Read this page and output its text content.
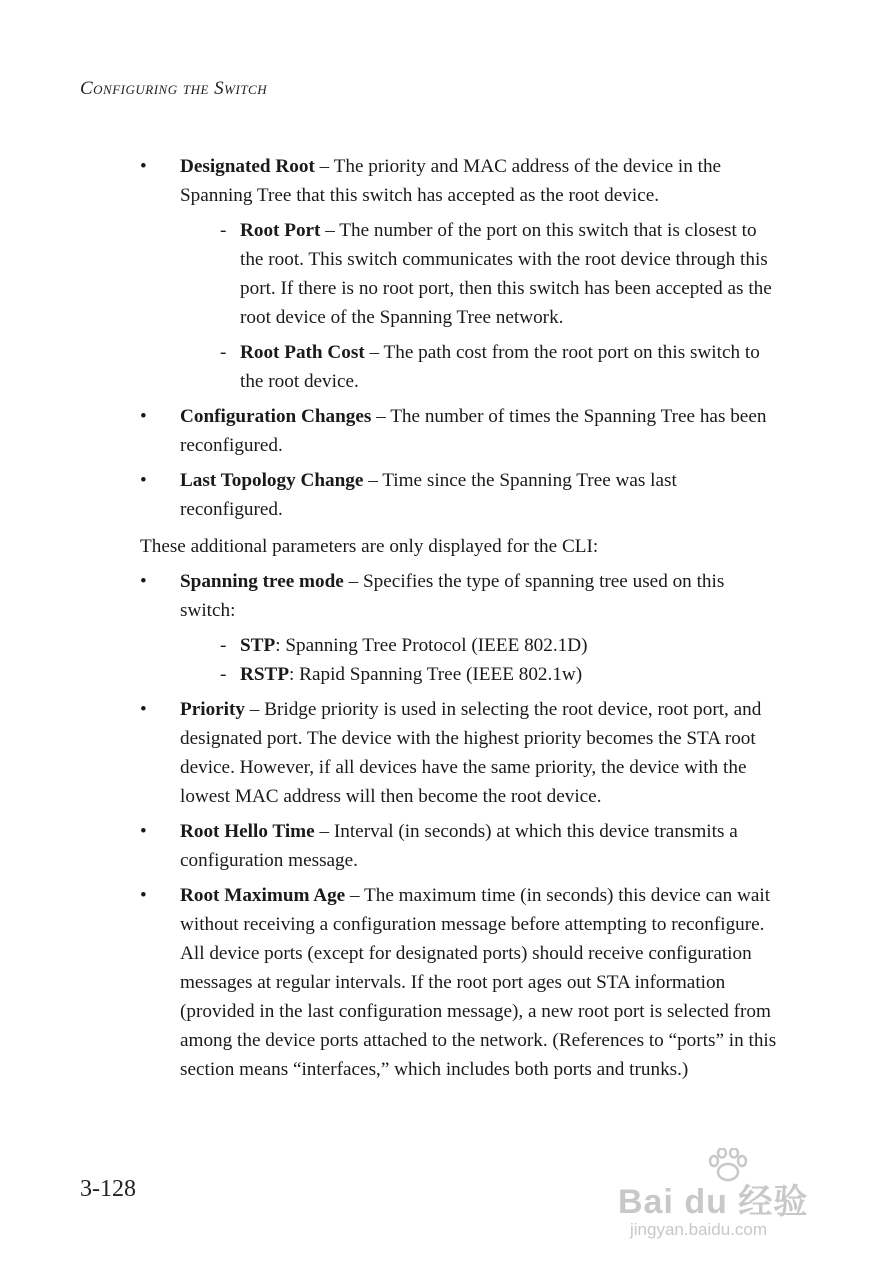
Configuring the Switch
• Designated Root – The priority and MAC address of the device in the Spanning Tree that this switch has accepted as the root device.
- Root Port – The number of the port on this switch that is closest to the root. This switch communicates with the root device through this port. If there is no root port, then this switch has been accepted as the root device of the Spanning Tree network.
- Root Path Cost – The path cost from the root port on this switch to the root device.
• Configuration Changes – The number of times the Spanning Tree has been reconfigured.
• Last Topology Change – Time since the Spanning Tree was last reconfigured.

These additional parameters are only displayed for the CLI:

• Spanning tree mode – Specifies the type of spanning tree used on this switch:
- STP: Spanning Tree Protocol (IEEE 802.1D)
- RSTP: Rapid Spanning Tree (IEEE 802.1w)
• Priority – Bridge priority is used in selecting the root device, root port, and designated port. The device with the highest priority becomes the STA root device. However, if all devices have the same priority, the device with the lowest MAC address will then become the root device.
• Root Hello Time – Interval (in seconds) at which this device transmits a configuration message.
• Root Maximum Age – The maximum time (in seconds) this device can wait without receiving a configuration message before attempting to reconfigure. All device ports (except for designated ports) should receive configuration messages at regular intervals. If the root port ages out STA information (provided in the last configuration message), a new root port is selected from among the device ports attached to the network. (References to “ports” in this section means “interfaces,” which includes both ports and trunks.)
3-128	Bai du 经验
jingyan.baidu.com
